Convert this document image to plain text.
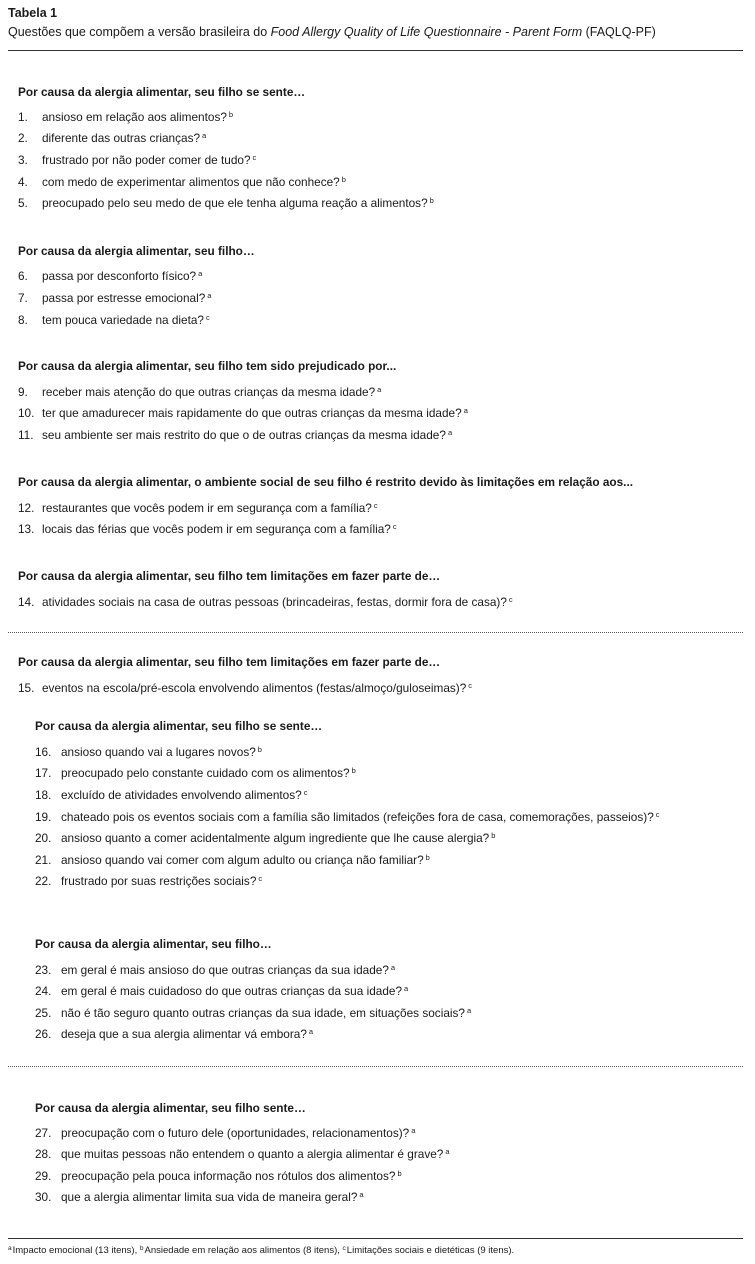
Tabela 1
Questões que compõem a versão brasileira do Food Allergy Quality of Life Questionnaire - Parent Form (FAQLQ-PF)
Por causa da alergia alimentar, seu filho se sente…
1. ansioso em relação aos alimentos? $^b$
2. diferente das outras crianças? $^a$
3. frustrado por não poder comer de tudo? $^c$
4. com medo de experimentar alimentos que não conhece? $^b$
5. preocupado pelo seu medo de que ele tenha alguma reação a alimentos? $^b$
Por causa da alergia alimentar, seu filho…
6. passa por desconforto físico? $^a$
7. passa por estresse emocional? $^a$
8. tem pouca variedade na dieta? $^c$
Por causa da alergia alimentar, seu filho tem sido prejudicado por...
9. receber mais atenção do que outras crianças da mesma idade? $^a$
10. ter que amadurecer mais rapidamente do que outras crianças da mesma idade? $^a$
11. seu ambiente ser mais restrito do que o de outras crianças da mesma idade? $^a$
Por causa da alergia alimentar, o ambiente social de seu filho é restrito devido às limitações em relação aos...
12. restaurantes que vocês podem ir em segurança com a família? $^c$
13. locais das férias que vocês podem ir em segurança com a família? $^c$
Por causa da alergia alimentar, seu filho tem limitações em fazer parte de…
14. atividades sociais na casa de outras pessoas (brincadeiras, festas, dormir fora de casa)? $^c$
Por causa da alergia alimentar, seu filho tem limitações em fazer parte de…
15. eventos na escola/pré-escola envolvendo alimentos (festas/almoço/guloseimas)? $^c$
Por causa da alergia alimentar, seu filho se sente…
16. ansioso quando vai a lugares novos? $^b$
17. preocupado pelo constante cuidado com os alimentos? $^b$
18. excluído de atividades envolvendo alimentos? $^c$
19. chateado pois os eventos sociais com a família são limitados (refeições fora de casa, comemorações, passeios)? $^c$
20. ansioso quanto a comer acidentalmente algum ingrediente que lhe cause alergia? $^b$
21. ansioso quando vai comer com algum adulto ou criança não familiar? $^b$
22. frustrado por suas restrições sociais? $^c$
Por causa da alergia alimentar, seu filho…
23. em geral é mais ansioso do que outras crianças da sua idade? $^a$
24. em geral é mais cuidadoso do que outras crianças da sua idade? $^a$
25. não é tão seguro quanto outras crianças da sua idade, em situações sociais? $^a$
26. deseja que a sua alergia alimentar vá embora? $^a$
Por causa da alergia alimentar, seu filho sente…
27. preocupação com o futuro dele (oportunidades, relacionamentos)? $^a$
28. que muitas pessoas não entendem o quanto a alergia alimentar é grave? $^a$
29. preocupação pela pouca informação nos rótulos dos alimentos? $^b$
30. que a alergia alimentar limita sua vida de maneira geral? $^a$
$^a$Impacto emocional (13 itens), $^b$Ansiedade em relação aos alimentos (8 itens), $^c$Limitações sociais e dietéticas (9 itens).
